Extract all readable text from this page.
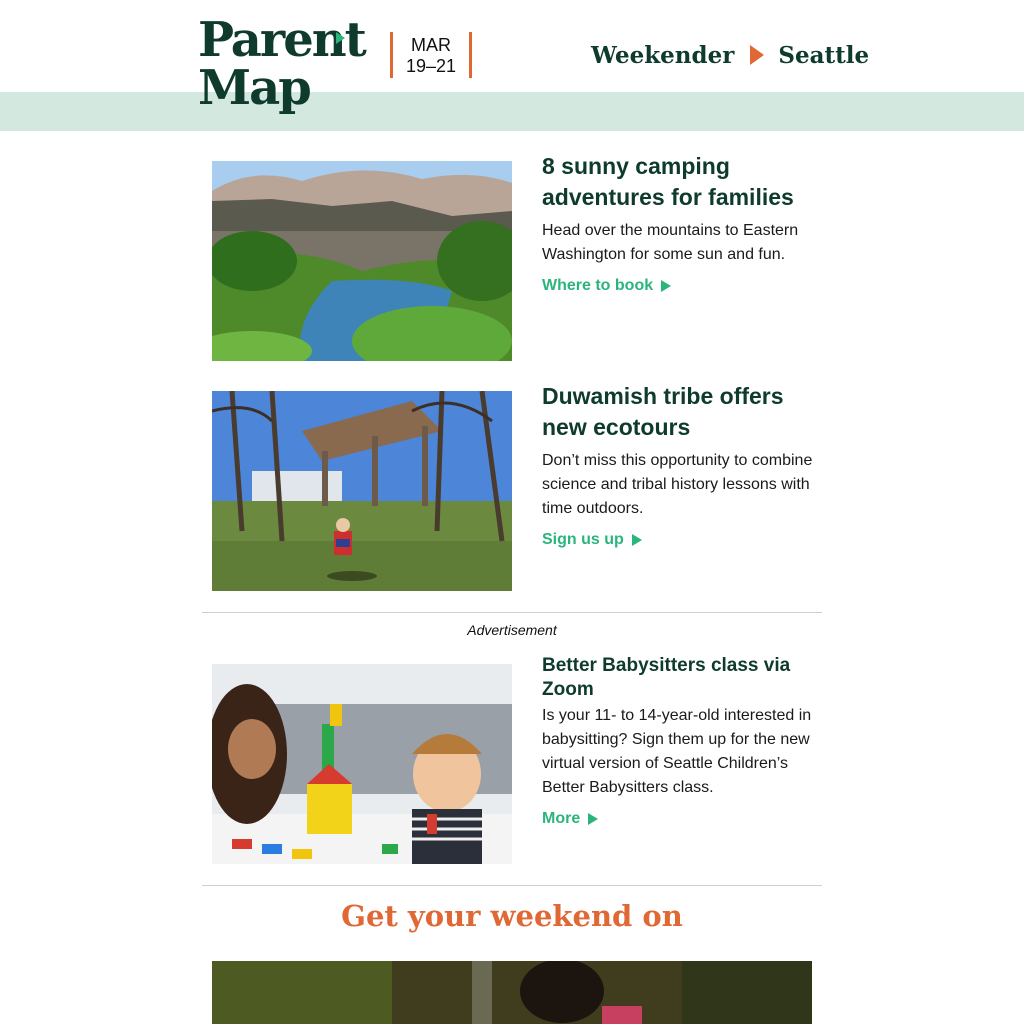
Parent
Map
MAR
19–21	Weekender Seattle
8 sunny camping adventures for families

Head over the mountains to Eastern Washington for some sun and fun.

Where to book
Duwamish tribe offers new ecotours

Don’t miss this opportunity to combine science and tribal history lessons with time outdoors.

Sign us up
Advertisement
Better Babysitters class via Zoom

Is your 11- to 14-year-old interested in babysitting? Sign them up for the new virtual version of Seattle Children’s Better Babysitters class.

More
Get your weekend on
